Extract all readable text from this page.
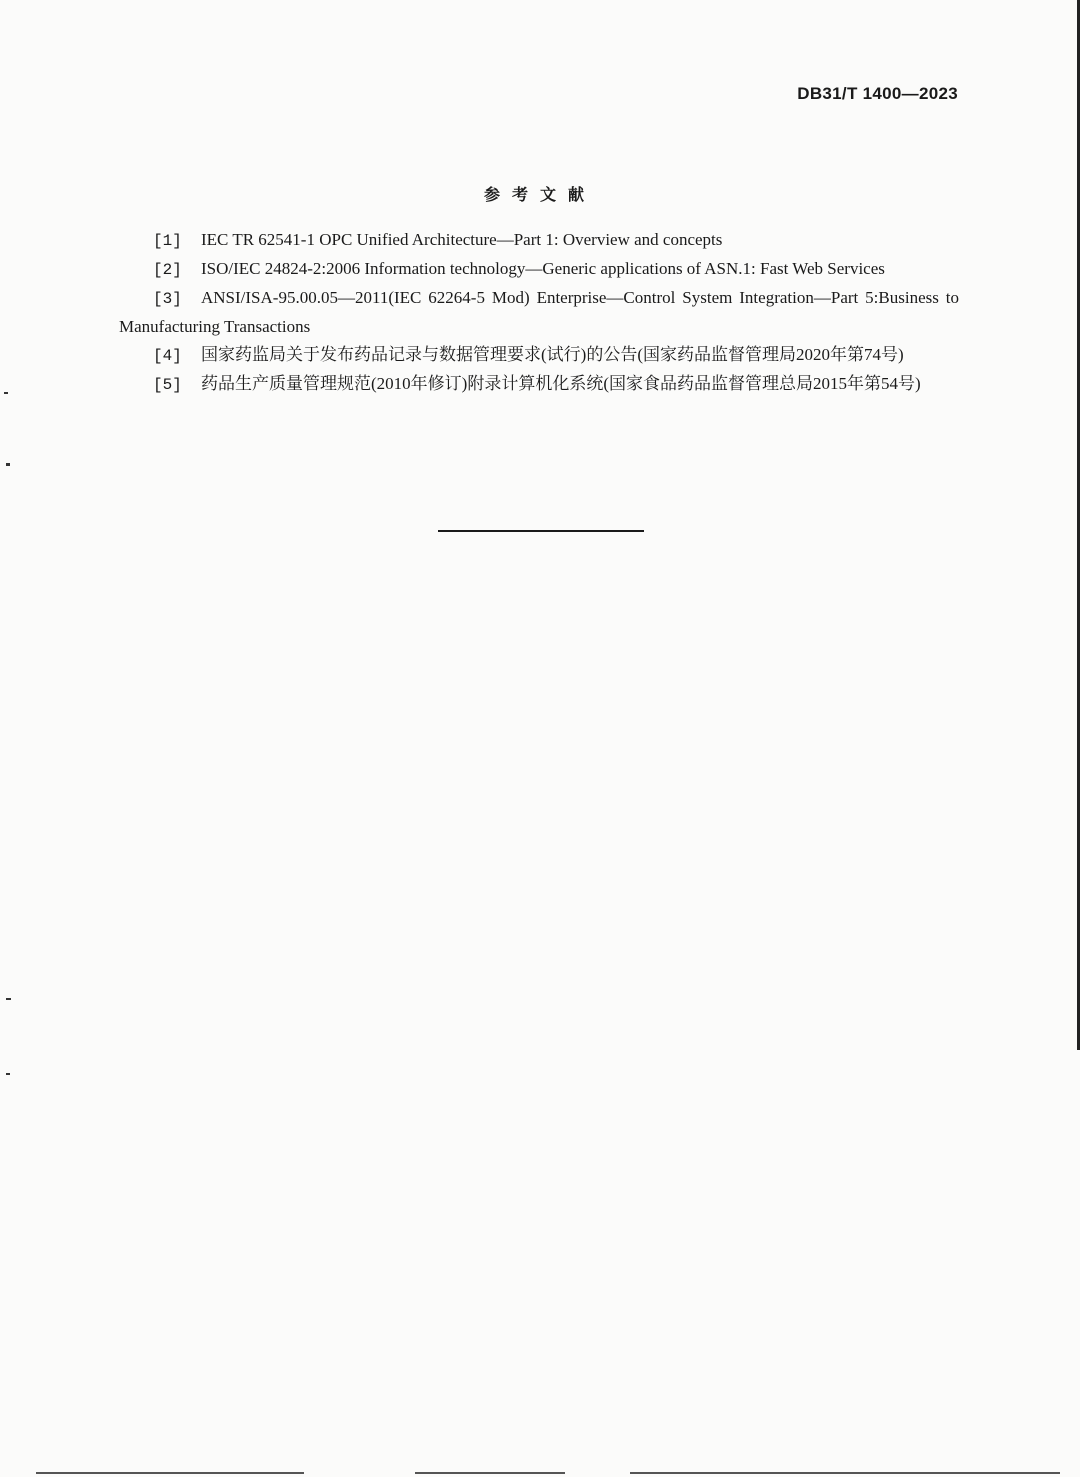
DB31/T 1400—2023
参考文献

[1] IEC TR 62541-1 OPC Unified Architecture—Part 1: Overview and concepts

[2] ISO/IEC 24824-2:2006 Information technology—Generic applications of ASN.1: Fast Web Services

[3] ANSI/ISA-95.00.05—2011(IEC 62264-5 Mod) Enterprise—Control System Integration—Part 5:Business to Manufacturing Transactions

[4] 国家药监局关于发布药品记录与数据管理要求(试行)的公告(国家药品监督管理局2020年第74号)

[5] 药品生产质量管理规范(2010年修订)附录计算机化系统(国家食品药品监督管理总局2015年第54号)
